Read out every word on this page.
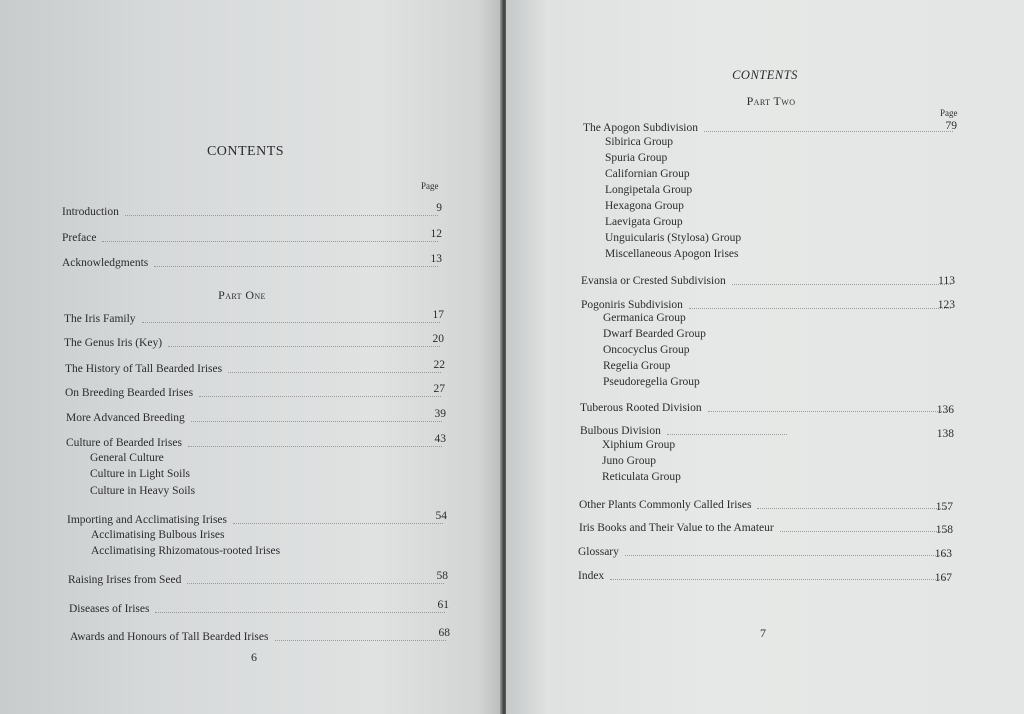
CONTENTS
Page
Introduction	9
Preface	12
Acknowledgments	13
Part One
The Iris Family	17
The Genus Iris (Key)	20
The History of Tall Bearded Irises	22
On Breeding Bearded Irises	27
More Advanced Breeding	39
Culture of Bearded Irises	43
General Culture
Culture in Light Soils
Culture in Heavy Soils
Importing and Acclimatising Irises	54
Acclimatising Bulbous Irises
Acclimatising Rhizomatous-rooted Irises
Raising Irises from Seed	58
Diseases of Irises	61
Awards and Honours of Tall Bearded Irises	68
6
CONTENTS
Part Two
Page
The Apogon Subdivision	79
Sibirica Group
Spuria Group
Californian Group
Longipetala Group
Hexagona Group
Laevigata Group
Unguicularis (Stylosa) Group
Miscellaneous Apogon Irises
Evansia or Crested Subdivision	113
Pogoniris Subdivision	123
Germanica Group
Dwarf Bearded Group
Oncocyclus Group
Regelia Group
Pseudoregelia Group
Tuberous Rooted Division	136
Bulbous Division	138
Xiphium Group
Juno Group
Reticulata Group
Other Plants Commonly Called Irises	157
Iris Books and Their Value to the Amateur	158
Glossary	163
Index	167
7
